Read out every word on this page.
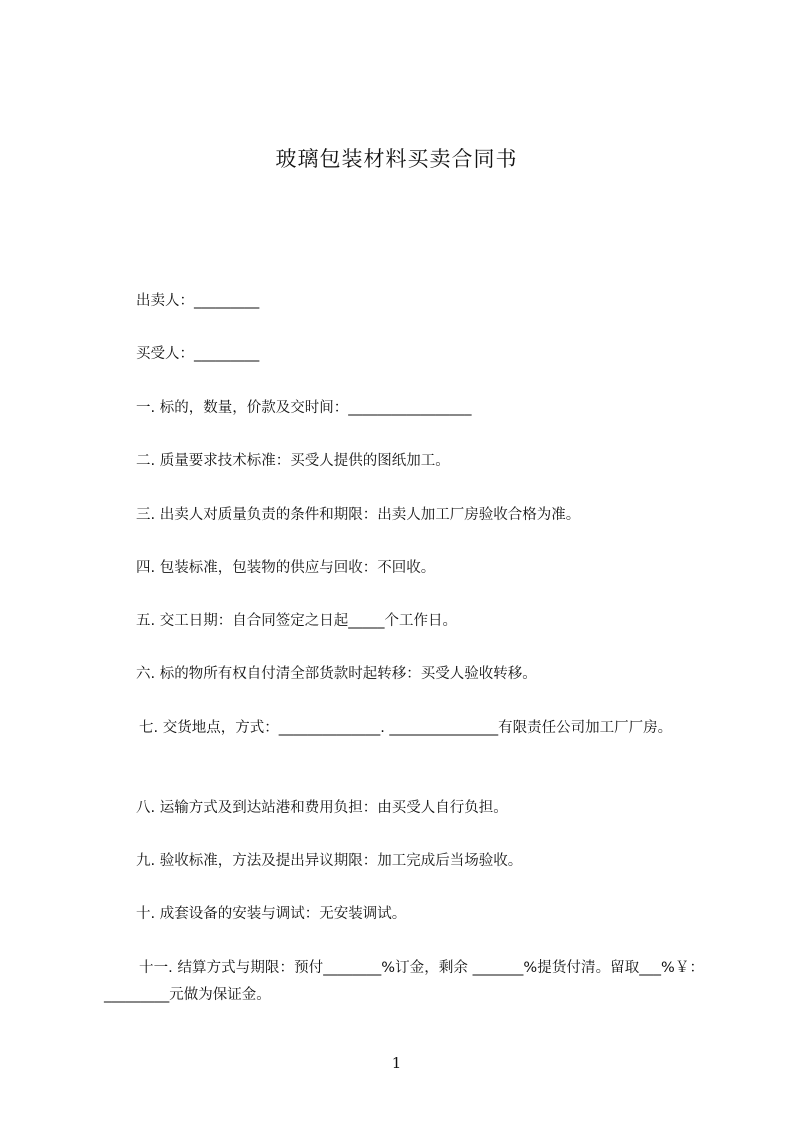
玻璃包装材料买卖合同书
出卖人：_________
买受人：_________
一. 标的，数量，价款及交时间：_________________
二. 质量要求技术标准：买受人提供的图纸加工。
三. 出卖人对质量负责的条件和期限：出卖人加工厂房验收合格为准。
四. 包装标准，包装物的供应与回收：不回收。
五. 交工日期：自合同签定之日起_____个工作日。
六. 标的物所有权自付清全部货款时起转移：买受人验收转移。
七. 交货地点，方式：______________. _______________有限责任公司加工厂厂房。
八. 运输方式及到达站港和费用负担：由买受人自行负担。
九. 验收标准，方法及提出异议期限：加工完成后当场验收。
十. 成套设备的安装与调试：无安装调试。
十一. 结算方式与期限：预付________%订金，剩余 _______%提货付清。留取___%￥：_________元做为保证金。
1
